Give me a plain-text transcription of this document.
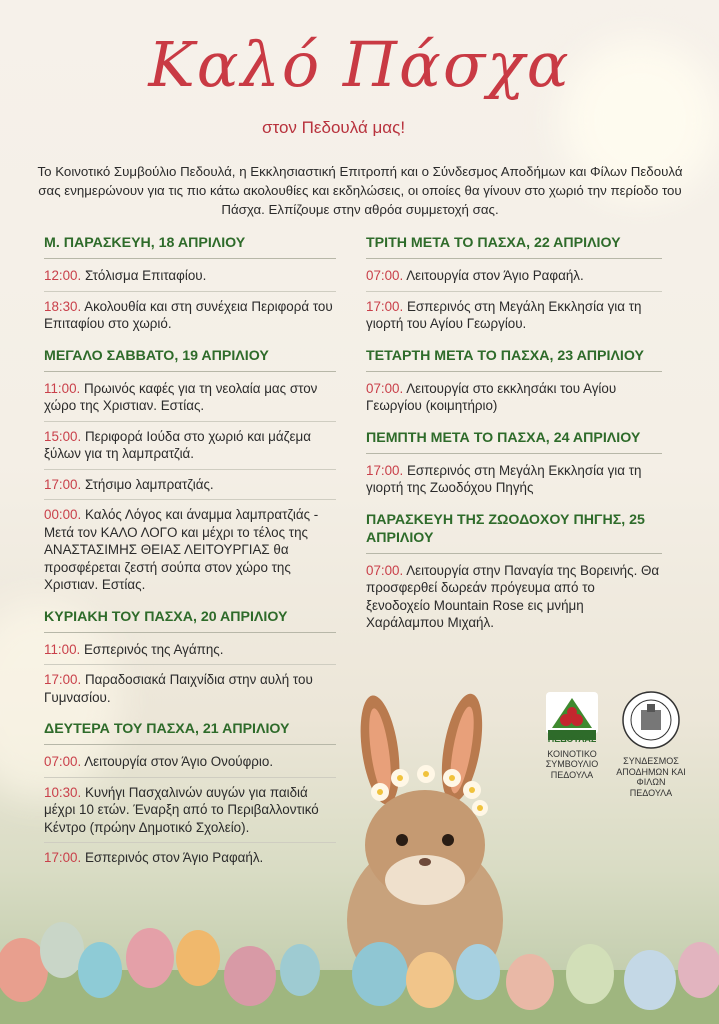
Καλό Πάσχα
στον Πεδουλά μας!
Το Κοινοτικό Συμβούλιο Πεδουλά, η Εκκλησιαστική Επιτροπή και ο Σύνδεσμος Αποδήμων και Φίλων Πεδουλά σας ενημερώνουν για τις πιο κάτω ακολουθίες και εκδηλώσεις, οι οποίες θα γίνουν στο χωριό την περίοδο του Πάσχα. Ελπίζουμε στην αθρόα συμμετοχή σας.
Μ. ΠΑΡΑΣΚΕΥΗ, 18 ΑΠΡΙΛΙΟΥ
12:00. Στόλισμα Επιταφίου.
18:30. Ακολουθία και στη συνέχεια Περιφορά του Επιταφίου στο χωριό.
ΜΕΓΑΛΟ ΣΑΒΒΑΤΟ, 19 ΑΠΡΙΛΙΟΥ
11:00. Πρωινός καφές για τη νεολαία μας στον χώρο της Χριστιαν. Εστίας.
15:00. Περιφορά Ιούδα στο χωριό και μάζεμα ξύλων για τη λαμπρατζιά.
17:00. Στήσιμο λαμπρατζιάς.
00:00. Καλός Λόγος και άναμμα λαμπρατζιάς - Μετά τον ΚΑΛΟ ΛΟΓΟ και μέχρι το τέλος της ΑΝΑΣΤΑΣΙΜΗΣ ΘΕΙΑΣ ΛΕΙΤΟΥΡΓΙΑΣ θα προσφέρεται ζεστή σούπα στον χώρο της Χριστιαν. Εστίας.
ΚΥΡΙΑΚΗ ΤΟΥ ΠΑΣΧΑ, 20 ΑΠΡΙΛΙΟΥ
11:00. Εσπερινός της Αγάπης.
17:00. Παραδοσιακά Παιχνίδια στην αυλή του Γυμνασίου.
ΔΕΥΤΕΡΑ ΤΟΥ ΠΑΣΧΑ, 21 ΑΠΡΙΛΙΟΥ
07:00. Λειτουργία στον Άγιο Ονούφριο.
10:30. Κυνήγι Πασχαλινών αυγών για παιδιά μέχρι 10 ετών. Έναρξη από το Περιβαλλοντικό Κέντρο (πρώην Δημοτικό Σχολείο).
17:00. Εσπερινός στον Άγιο Ραφαήλ.
ΤΡΙΤΗ ΜΕΤΑ ΤΟ ΠΑΣΧΑ, 22 ΑΠΡΙΛΙΟΥ
07:00. Λειτουργία στον Άγιο Ραφαήλ.
17:00. Εσπερινός στη Μεγάλη Εκκλησία για τη γιορτή του Αγίου Γεωργίου.
ΤΕΤΑΡΤΗ ΜΕΤΑ ΤΟ ΠΑΣΧΑ, 23 ΑΠΡΙΛΙΟΥ
07:00. Λειτουργία στο εκκλησάκι του Αγίου Γεωργίου (κοιμητήριο)
ΠΕΜΠΤΗ ΜΕΤΑ ΤΟ ΠΑΣΧΑ, 24 ΑΠΡΙΛΙΟΥ
17:00. Εσπερινός στη Μεγάλη Εκκλησία για τη γιορτή της Ζωοδόχου Πηγής
ΠΑΡΑΣΚΕΥΗ ΤΗΣ ΖΩΟΔΟΧΟΥ ΠΗΓΗΣ, 25 ΑΠΡΙΛΙΟΥ
07:00. Λειτουργία στην Παναγία της Βορεινής. Θα προσφερθεί δωρεάν πρόγευμα από το ξενοδοχείο Mountain Rose εις μνήμη Χαράλαμπου Μιχαήλ.
ΠΕΔΟΥΛΑΣ
ΚΟΙΝΟΤΙΚΟ ΣΥΜΒΟΥΛΙΟ ΠΕΔΟΥΛΑ
ΣΥΝΔΕΣΜΟΣ ΑΠΟΔΗΜΩΝ ΚΑΙ ΦΙΛΩΝ ΠΕΔΟΥΛΑ
